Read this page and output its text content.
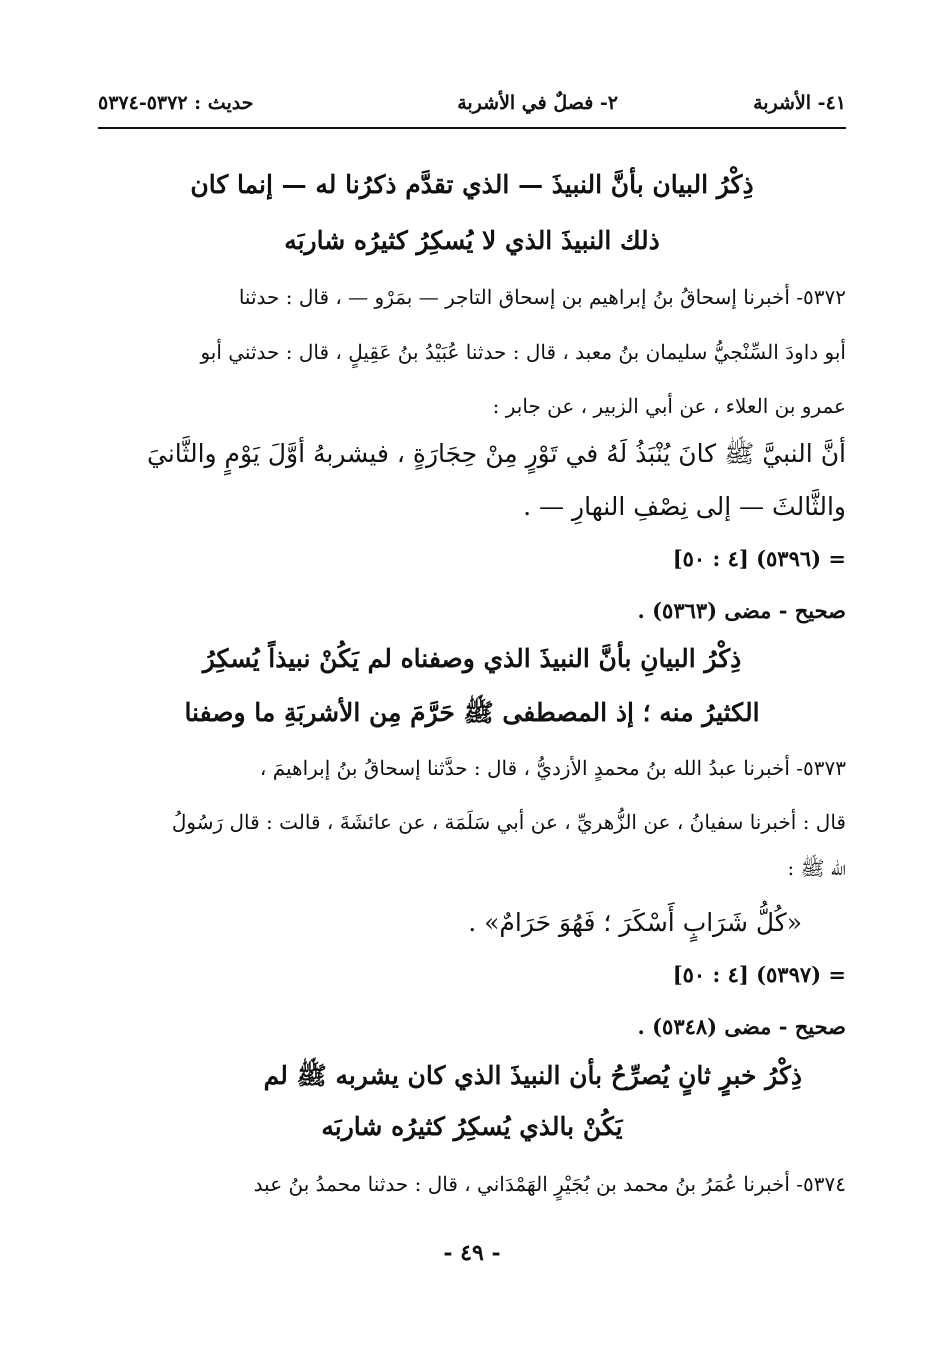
٤١- الأشربة
٢- فصلٌ في الأشربة
حديث : ٥٣٧٢-٥٣٧٤
ذِكْرُ البيان بأنَّ النبيذَ — الذي تقدَّم ذكرُنا له — إنما كان
ذلك النبيذَ الذي لا يُسكِرُ كثيرُه شاربَه
٥٣٧٢- أخبرنا إسحاقُ بنُ إبراهيم بن إسحاق التاجر — بمَرْو — ، قال : حدثنا
أبو داودَ السِّنْجيُّ سليمان بنُ معبد ، قال : حدثنا عُبَيْدُ بنُ عَقِيلٍ ، قال : حدثني أبو
عمرو بن العلاء ، عن أبي الزبير ، عن جابر :
أنَّ النبيَّ ﷺ كانَ يُنْبَذُ لَهُ في تَوْرٍ مِنْ حِجَارَةٍ ، فيشربهُ أوَّلَ يَوْمٍ والثَّانيَ
والثَّالثَ — إلى نِصْفِ النهارِ — .
= (٥٣٩٦) [٤ : ٥٠]
صحيح - مضى (٥٣٦٣) .
ذِكْرُ البيانِ بأنَّ النبيذَ الذي وصفناه لم يَكُنْ نبيذاً يُسكِرُ
الكثيرُ منه ؛ إذ المصطفى ﷺ حَرَّمَ مِن الأشربَةِ ما وصفنا
٥٣٧٣- أخبرنا عبدُ الله بنُ محمدٍ الأزديُّ ، قال : حدَّثنا إسحاقُ بنُ إبراهيمَ ،
قال : أخبرنا سفيانُ ، عن الزُّهريِّ ، عن أبي سَلَمَة ، عن عائشَةَ ، قالت : قال رَسُولُ
الله ﷺ :
«كُلُّ شَرَابٍ أَسْكَرَ ؛ فَهُوَ حَرَامٌ» .
= (٥٣٩٧) [٤ : ٥٠]
صحيح - مضى (٥٣٤٨) .
ذِكْرُ خبرٍ ثانٍ يُصرِّحُ بأن النبيذَ الذي كان يشربه ﷺ لم
يَكُنْ بالذي يُسكِرُ كثيرُه شاربَه
٥٣٧٤- أخبرنا عُمَرُ بنُ محمد بن بُجَيْرٍ الهَمْدَاني ، قال : حدثنا محمدُ بنُ عبد
- ٤٩ -
